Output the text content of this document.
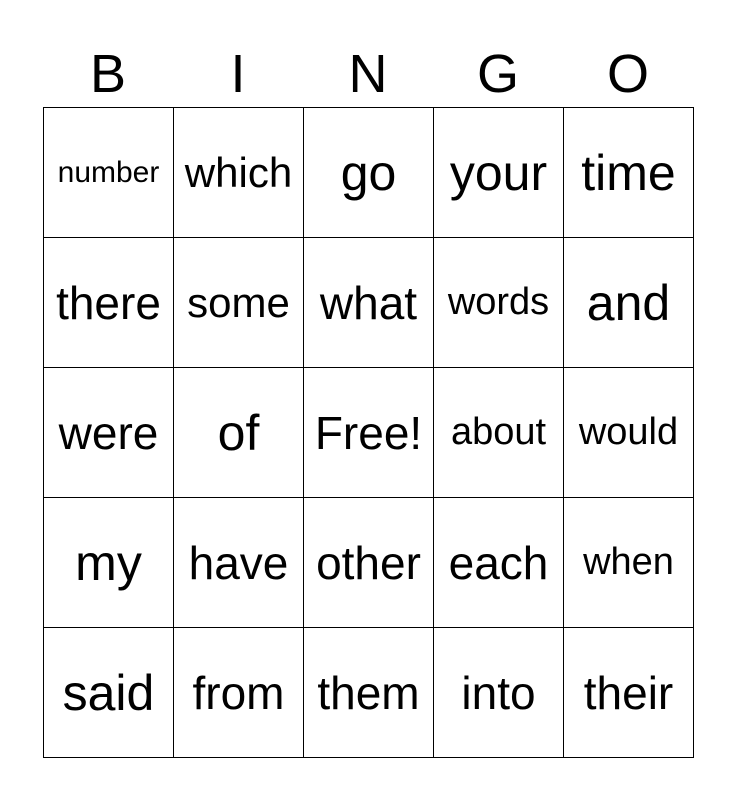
B	I	N	G	O
number which go your time
there some what words and
were of Free! about would
my have other each when
said from them into their
